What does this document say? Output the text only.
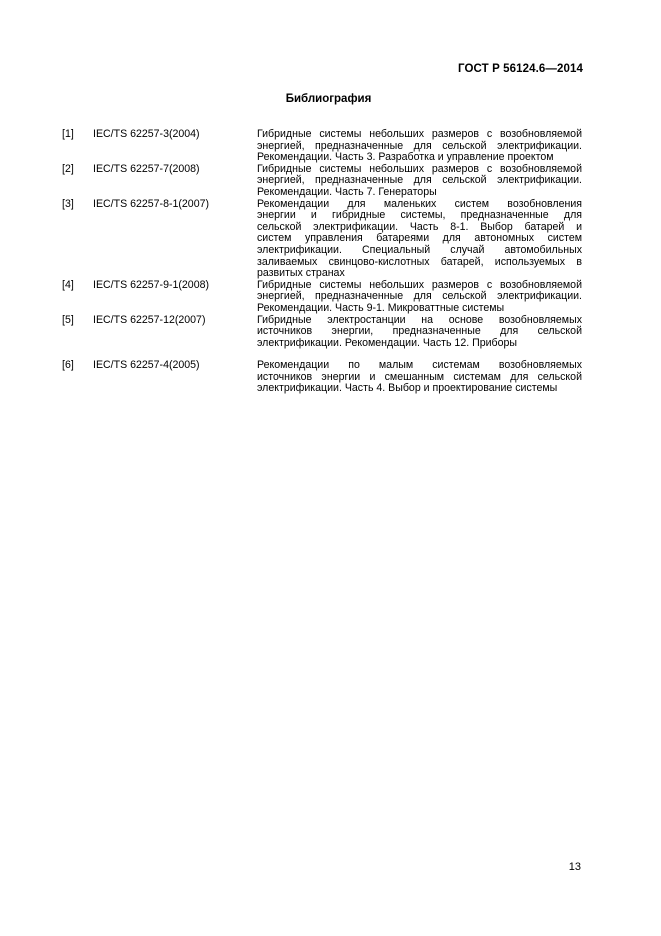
ГОСТ Р 56124.6—2014
Библиография
[1]	IEC/TS 62257-3(2004)	Гибридные системы небольших размеров с возобновляемой
энергией, предназначенные для сельской электрификации.
Рекомендации. Часть 3. Разработка и управление проектом
[2]	IEC/TS 62257-7(2008)	Гибридные системы небольших размеров с возобновляемой
энергией, предназначенные для сельской электрификации.
Рекомендации. Часть 7. Генераторы
[3]	IEC/TS 62257-8-1(2007)	Рекомендации для маленьких систем возобновления
энергии и гибридные системы, предназначенные для
сельской электрификации. Часть 8-1. Выбор батарей и
систем управления батареями для автономных систем
электрификации. Специальный случай автомобильных
заливаемых свинцово-кислотных батарей, используемых в
развитых странах
[4]	IEC/TS 62257-9-1(2008)	Гибридные системы небольших размеров с возобновляемой
энергией, предназначенные для сельской электрификации.
Рекомендации. Часть 9-1. Микроваттные системы
[5]	IEC/TS 62257-12(2007)	Гибридные электростанции на основе возобновляемых
источников энергии, предназначенные для сельской
электрификации. Рекомендации. Часть 12. Приборы
[6]	IEC/TS 62257-4(2005)	Рекомендации по малым системам возобновляемых
источников энергии и смешанным системам для сельской
электрификации. Часть 4. Выбор и проектирование системы
13
